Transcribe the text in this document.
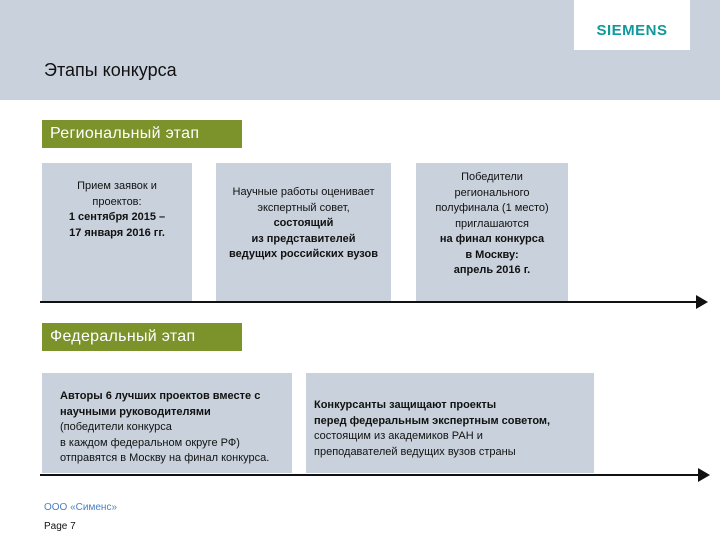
SIEMENS
Этапы конкурса
Региональный этап
Прием заявок и
проектов:
1 сентября 2015 –
17 января 2016 гг.
Научные работы оценивает
экспертный совет,
состоящий
из представителей
ведущих российских вузов
Победители
регионального
полуфинала (1 место)
приглашаются
на финал конкурса
в Москву:
апрель 2016 г.
Федеральный этап
Авторы 6 лучших проектов вместе с
научными руководителями
(победители конкурса
в каждом федеральном округе РФ)
отправятся в Москву на финал конкурса.
Конкурсанты защищают проекты
перед федеральным экспертным советом,
состоящим из академиков РАН и
преподавателей ведущих вузов страны
ООО «Сименс»
Page 7
